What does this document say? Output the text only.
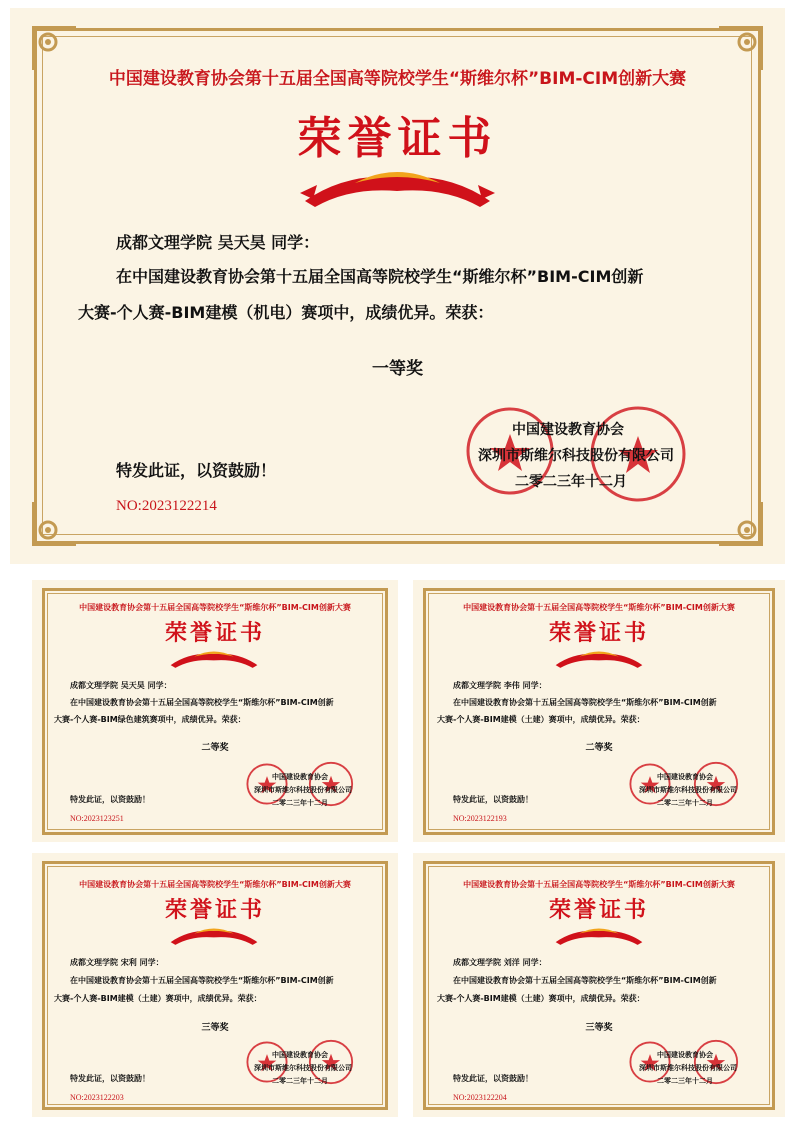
中国建设教育协会第十五届全国高等院校学生“斯维尔杯”BIM-CIM创新大赛
荣誉证书
成都文理学院 吴天昊 同学：
在中国建设教育协会第十五届全国高等院校学生“斯维尔杯”BIM-CIM创新
大赛-个人赛-BIM建模（机电）赛项中，成绩优异。荣获：
一等奖
中国建设教育协会
深圳市斯维尔科技股份有限公司
二零二三年十二月
特发此证，以资鼓励！
NO:2023122214
中国建设教育协会第十五届全国高等院校学生“斯维尔杯”BIM-CIM创新大赛
荣誉证书
成都文理学院 吴天昊 同学：
在中国建设教育协会第十五届全国高等院校学生“斯维尔杯”BIM-CIM创新
大赛-个人赛-BIM绿色建筑赛项中，成绩优异。荣获：
二等奖
中国建设教育协会
深圳市斯维尔科技股份有限公司
二零二三年十二月
特发此证，以资鼓励！
NO:2023123251
中国建设教育协会第十五届全国高等院校学生“斯维尔杯”BIM-CIM创新大赛
荣誉证书
成都文理学院 李伟 同学：
在中国建设教育协会第十五届全国高等院校学生“斯维尔杯”BIM-CIM创新
大赛-个人赛-BIM建模（土建）赛项中，成绩优异。荣获：
二等奖
中国建设教育协会
深圳市斯维尔科技股份有限公司
二零二三年十二月
特发此证，以资鼓励！
NO:2023122193
中国建设教育协会第十五届全国高等院校学生“斯维尔杯”BIM-CIM创新大赛
荣誉证书
成都文理学院 宋利 同学：
在中国建设教育协会第十五届全国高等院校学生“斯维尔杯”BIM-CIM创新
大赛-个人赛-BIM建模（土建）赛项中，成绩优异。荣获：
三等奖
中国建设教育协会
深圳市斯维尔科技股份有限公司
二零二三年十二月
特发此证，以资鼓励！
NO:2023122203
中国建设教育协会第十五届全国高等院校学生“斯维尔杯”BIM-CIM创新大赛
荣誉证书
成都文理学院 刘洋 同学：
在中国建设教育协会第十五届全国高等院校学生“斯维尔杯”BIM-CIM创新
大赛-个人赛-BIM建模（土建）赛项中，成绩优异。荣获：
三等奖
中国建设教育协会
深圳市斯维尔科技股份有限公司
二零二三年十二月
特发此证，以资鼓励！
NO:2023122204
